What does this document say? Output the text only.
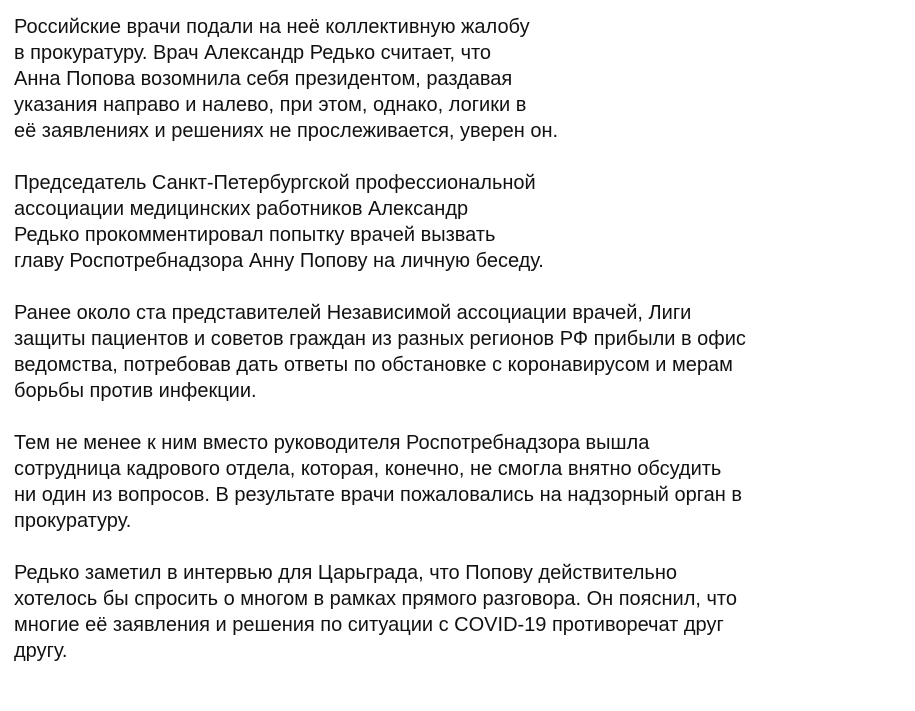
Российские врачи подали на неё коллективную жалобу
в прокуратуру. Врач Александр Редько считает, что
Анна Попова возомнила себя президентом, раздавая
указания направо и налево, при этом, однако, логики в
её заявлениях и решениях не прослеживается, уверен он.

Председатель Санкт-Петербургской профессиональной
ассоциации медицинских работников Александр
Редько прокомментировал попытку врачей вызвать
главу Роспотребнадзора Анну Попову на личную беседу.

Ранее около ста представителей Независимой ассоциации врачей, Лиги
защиты пациентов и советов граждан из разных регионов РФ прибыли в офис
ведомства, потребовав дать ответы по обстановке с коронавирусом и мерам
борьбы против инфекции.

Тем не менее к ним вместо руководителя Роспотребнадзора вышла
сотрудница кадрового отдела, которая, конечно, не смогла внятно обсудить
ни один из вопросов. В результате врачи пожаловались на надзорный орган в
прокуратуру.

Редько заметил в интервью для Царьграда, что Попову действительно
хотелось бы спросить о многом в рамках прямого разговора. Он пояснил, что
многие её заявления и решения по ситуации с COVID-19 противоречат друг
другу.
